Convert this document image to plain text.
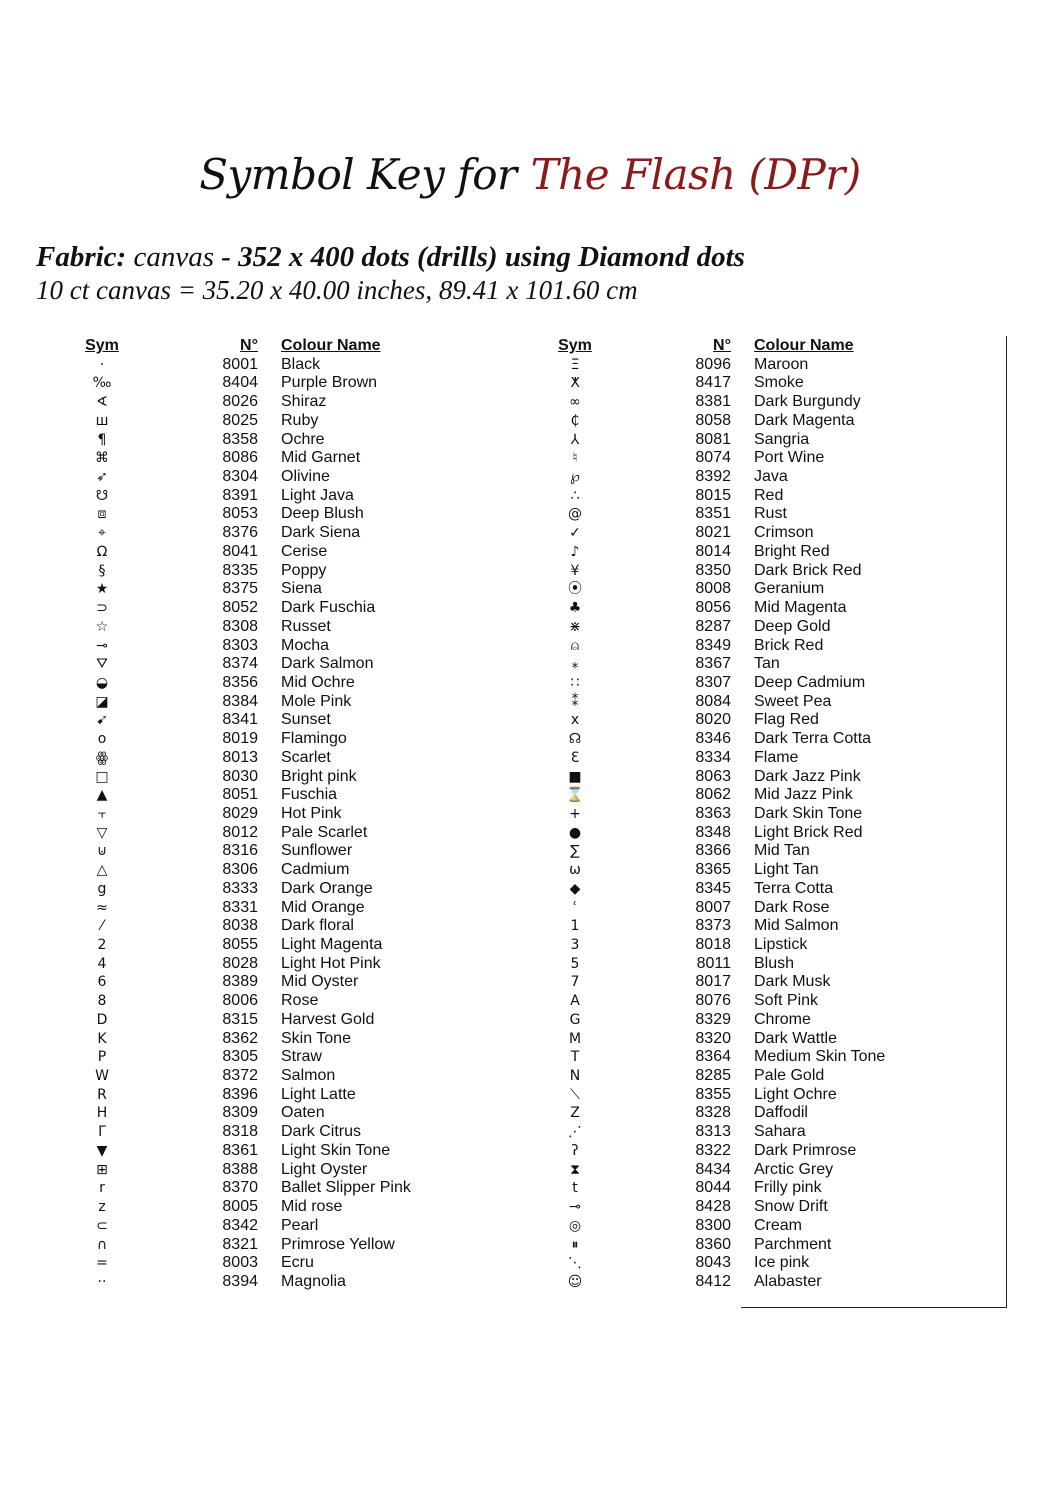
Symbol Key for The Flash (DPr)
Fabric: canvas - 352 x 400 dots (drills) using Diamond dots
10 ct canvas = 35.20 x 40.00 inches, 89.41 x 101.60 cm
Sym	N° Colour Name
·	8001 Black
‰	8404 Purple Brown
∢	8026 Shiraz
ш	8025 Ruby
¶	8358 Ochre
⌘	8086 Mid Garnet
➶	8304 Olivine
☋	8391 Light Java
⧈	8053 Deep Blush
⌖	8376 Dark Siena
Ω	8041 Cerise
§	8335 Poppy
★	8375 Siena
⊃	8052 Dark Fuschia
☆	8308 Russet
⊸	8303 Mocha
⛛	8374 Dark Salmon
◒	8356 Mid Ochre
◪	8384 Mole Pink
➹	8341 Sunset
o	8019 Flamingo
ꙮ	8013 Scarlet
□	8030 Bright pink
▲	8051 Fuschia
⫟	8029 Hot Pink
▽	8012 Pale Scarlet
⊍	8316 Sunflower
△	8306 Cadmium
g	8333 Dark Orange
≈	8331 Mid Orange
⁄	8038 Dark floral
2	8055 Light Magenta
4	8028 Light Hot Pink
6	8389 Mid Oyster
8	8006 Rose
D	8315 Harvest Gold
K	8362 Skin Tone
P	8305 Straw
W	8372 Salmon
R	8396 Light Latte
H	8309 Oaten
Γ	8318 Dark Citrus
▼	8361 Light Skin Tone
⊞	8388 Light Oyster
r	8370 Ballet Slipper Pink
z	8005 Mid rose
⊂	8342 Pearl
∩	8321 Primrose Yellow
=	8003 Ecru
··	8394 Magnolia
Sym	N° Colour Name
Ξ	8096 Maroon
ⵅ	8417 Smoke
∞	8381 Dark Burgundy
₵	8058 Dark Magenta
⅄	8081 Sangria
♮	8074 Port Wine
℘	8392 Java
∴	8015 Red
@	8351 Rust
✓	8021 Crimson
♪	8014 Bright Red
¥	8350 Dark Brick Red
⦿	8008 Geranium
♣	8056 Mid Magenta
⋇	8287 Deep Gold
⍝	8349 Brick Red
⁎	8367 Tan
∷	8307 Deep Cadmium
⁑	8084 Sweet Pea
x	8020 Flag Red
☊	8346 Dark Terra Cotta
Ɛ	8334 Flame
■	8063 Dark Jazz Pink
⌛	8062 Mid Jazz Pink
+	8363 Dark Skin Tone
●	8348 Light Brick Red
∑	8366 Mid Tan
ω	8365 Light Tan
◆	8345 Terra Cotta
ʿ	8007 Dark Rose
1	8373 Mid Salmon
3	8018 Lipstick
5	8011 Blush
7	8017 Dark Musk
A	8076 Soft Pink
G	8329 Chrome
M	8320 Dark Wattle
T	8364 Medium Skin Tone
N	8285 Pale Gold
⟍	8355 Light Ochre
Z	8328 Daffodil
⋰	8313 Sahara
ʔ	8322 Dark Primrose
⧗	8434 Arctic Grey
t	8044 Frilly pink
⊸	8428 Snow Drift
◎	8300 Cream
⏸	8360 Parchment
⋱	8043 Ice pink
☺	8412 Alabaster
